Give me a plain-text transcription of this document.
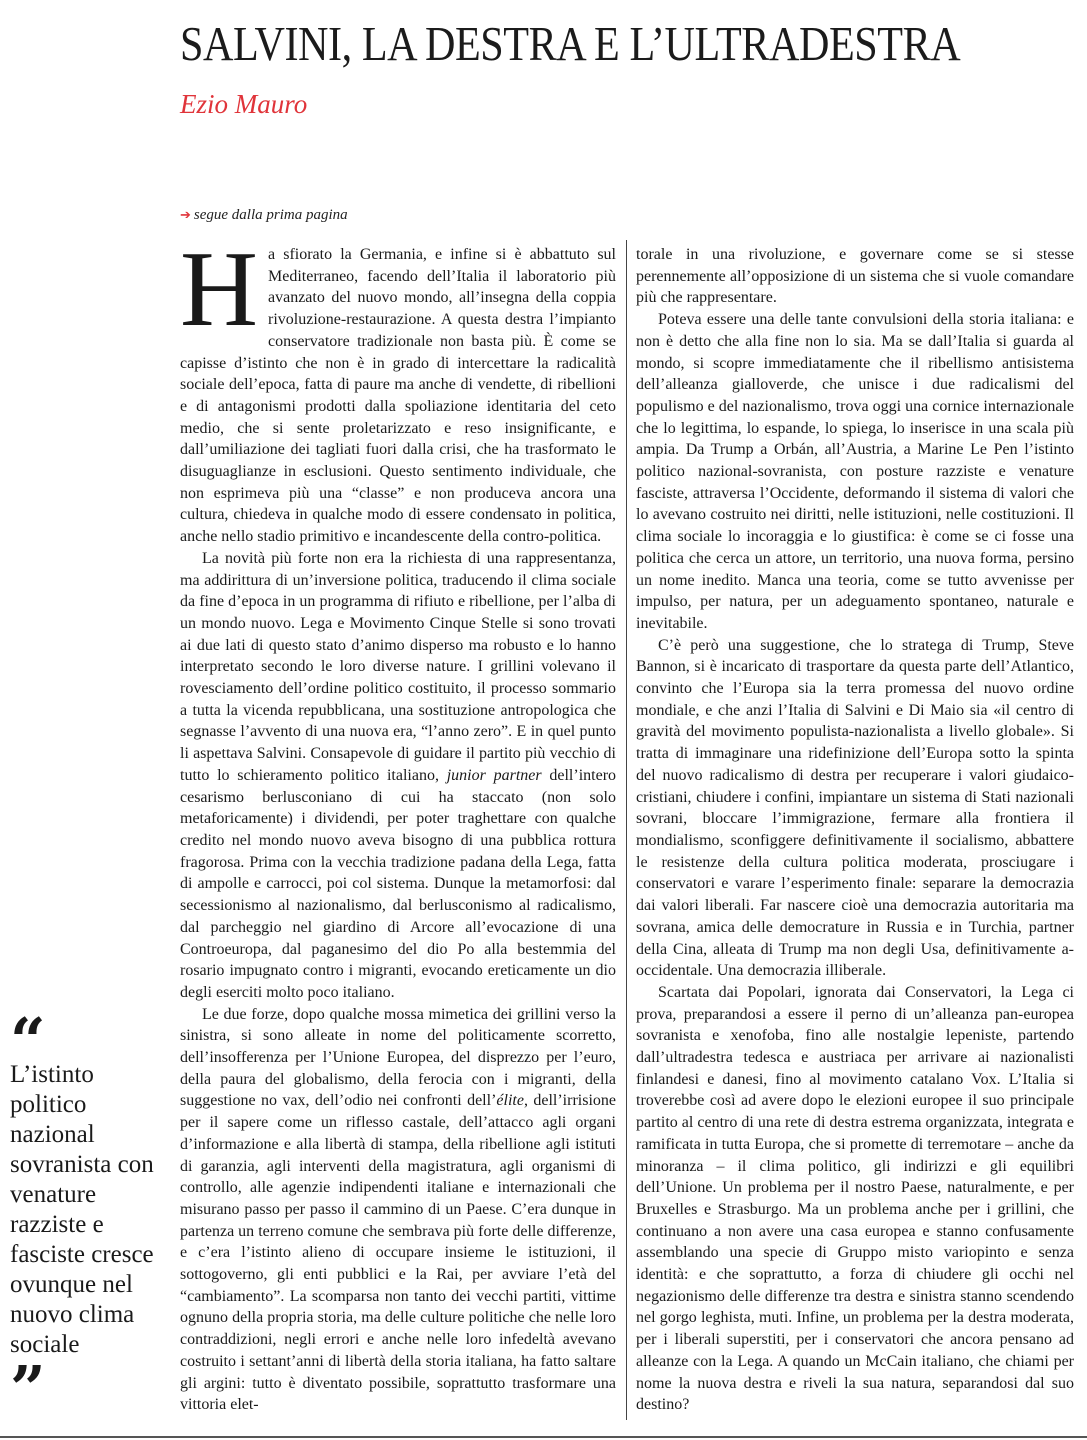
SALVINI, LA DESTRA E L’ULTRADESTRA
Ezio Mauro
➔ segue dalla prima pagina

Ha sfiorato la Germania, e infine si è abbattuto sul Mediterraneo, facendo dell’Italia il laboratorio più avanzato del nuovo mondo, all’insegna della coppia rivoluzione-restaurazione. A questa destra l’impianto conservatore tradizionale non basta più. È come se capisse d’istinto che non è in grado di intercettare la radicalità sociale dell’epoca, fatta di paure ma anche di vendette, di ribellioni e di antagonismi prodotti dalla spoliazione identitaria del ceto medio, che si sente proletarizzato e reso insignificante, e dall’umiliazione dei tagliati fuori dalla crisi, che ha trasformato le disuguaglianze in esclusioni. Questo sentimento individuale, che non esprimeva più una “classe” e non produceva ancora una cultura, chiedeva in qualche modo di essere condensato in politica, anche nello stadio primitivo e incandescente della contro-politica.

La novità più forte non era la richiesta di una rappresentanza, ma addirittura di un’inversione politica, traducendo il clima sociale da fine d’epoca in un programma di rifiuto e ribellione, per l’alba di un mondo nuovo. Lega e Movimento Cinque Stelle si sono trovati ai due lati di questo stato d’animo disperso ma robusto e lo hanno interpretato secondo le loro diverse nature. I grillini volevano il rovesciamento dell’ordine politico costituito, il processo sommario a tutta la vicenda repubblicana, una sostituzione antropologica che segnasse l’avvento di una nuova era, “l’anno zero”. E in quel punto li aspettava Salvini. Consapevole di guidare il partito più vecchio di tutto lo schieramento politico italiano, junior partner dell’intero cesarismo berlusconiano di cui ha staccato (non solo metaforicamente) i dividendi, per poter traghettare con qualche credito nel mondo nuovo aveva bisogno di una pubblica rottura fragorosa. Prima con la vecchia tradizione padana della Lega, fatta di ampolle e carrocci, poi col sistema. Dunque la metamorfosi: dal secessionismo al nazionalismo, dal berlusconismo al radicalismo, dal parcheggio nel giardino di Arcore all’evocazione di una Controeuropa, dal paganesimo del dio Po alla bestemmia del rosario impugnato contro i migranti, evocando ereticamente un dio degli eserciti molto poco italiano.

Le due forze, dopo qualche mossa mimetica dei grillini verso la sinistra, si sono alleate in nome del politicamente scorretto, dell’insofferenza per l’Unione Europea, del disprezzo per l’euro, della paura del globalismo, della ferocia con i migranti, della suggestione no vax, dell’odio nei confronti dell’élite, dell’irrisione per il sapere come un riflesso castale, dell’attacco agli organi d’informazione e alla libertà di stampa, della ribellione agli istituti di garanzia, agli interventi della magistratura, agli organismi di controllo, alle agenzie indipendenti italiane e internazionali che misurano passo per passo il cammino di un Paese. C’era dunque in partenza un terreno comune che sembrava più forte delle differenze, e c’era l’istinto alieno di occupare insieme le istituzioni, il sottogoverno, gli enti pubblici e la Rai, per avviare l’età del “cambiamento”. La scomparsa non tanto dei vecchi partiti, vittime ognuno della propria storia, ma delle culture politiche che nelle loro contraddizioni, negli errori e anche nelle loro infedeltà avevano costruito i settant’anni di libertà della storia italiana, ha fatto saltare gli argini: tutto è diventato possibile, soprattutto trasformare una vittoria elet-

torale in una rivoluzione, e governare come se si stesse perennemente all’opposizione di un sistema che si vuole comandare più che rappresentare.

Poteva essere una delle tante convulsioni della storia italiana: e non è detto che alla fine non lo sia. Ma se dall’Italia si guarda al mondo, si scopre immediatamente che il ribellismo antisistema dell’alleanza gialloverde, che unisce i due radicalismi del populismo e del nazionalismo, trova oggi una cornice internazionale che lo legittima, lo espande, lo spiega, lo inserisce in una scala più ampia. Da Trump a Orbán, all’Austria, a Marine Le Pen l’istinto politico nazional-sovranista, con posture razziste e venature fasciste, attraversa l’Occidente, deformando il sistema di valori che lo avevano costruito nei diritti, nelle istituzioni, nelle costituzioni. Il clima sociale lo incoraggia e lo giustifica: è come se ci fosse una politica che cerca un attore, un territorio, una nuova forma, persino un nome inedito. Manca una teoria, come se tutto avvenisse per impulso, per natura, per un adeguamento spontaneo, naturale e inevitabile.

C’è però una suggestione, che lo stratega di Trump, Steve Bannon, si è incaricato di trasportare da questa parte dell’Atlantico, convinto che l’Europa sia la terra promessa del nuovo ordine mondiale, e che anzi l’Italia di Salvini e Di Maio sia «il centro di gravità del movimento populista-nazionalista a livello globale». Si tratta di immaginare una ridefinizione dell’Europa sotto la spinta del nuovo radicalismo di destra per recuperare i valori giudaico-cristiani, chiudere i confini, impiantare un sistema di Stati nazionali sovrani, bloccare l’immigrazione, fermare alla frontiera il mondialismo, sconfiggere definitivamente il socialismo, abbattere le resistenze della cultura politica moderata, prosciugare i conservatori e varare l’esperimento finale: separare la democrazia dai valori liberali. Far nascere cioè una democrazia autoritaria ma sovrana, amica delle democrature in Russia e in Turchia, partner della Cina, alleata di Trump ma non degli Usa, definitivamente a-occidentale. Una democrazia illiberale.

Scartata dai Popolari, ignorata dai Conservatori, la Lega ci prova, preparandosi a essere il perno di un’alleanza pan-europea sovranista e xenofoba, fino alle nostalgie lepeniste, partendo dall’ultradestra tedesca e austriaca per arrivare ai nazionalisti finlandesi e danesi, fino al movimento catalano Vox. L’Italia si troverebbe così ad avere dopo le elezioni europee il suo principale partito al centro di una rete di destra estrema organizzata, integrata e ramificata in tutta Europa, che si promette di terremotare – anche da minoranza – il clima politico, gli indirizzi e gli equilibri dell’Unione. Un problema per il nostro Paese, naturalmente, e per Bruxelles e Strasburgo. Ma un problema anche per i grillini, che continuano a non avere una casa europea e stanno confusamente assemblando una specie di Gruppo misto variopinto e senza identità: e che soprattutto, a forza di chiudere gli occhi nel negazionismo delle differenze tra destra e sinistra stanno scendendo nel gorgo leghista, muti. Infine, un problema per la destra moderata, per i liberali superstiti, per i conservatori che ancora pensano ad alleanze con la Lega. A quando un McCain italiano, che chiami per nome la nuova destra e riveli la sua natura, separandosi dal suo destino?

“
L’istinto politico nazional sovranista con venature razziste e fasciste cresce ovunque nel nuovo clima sociale
”
